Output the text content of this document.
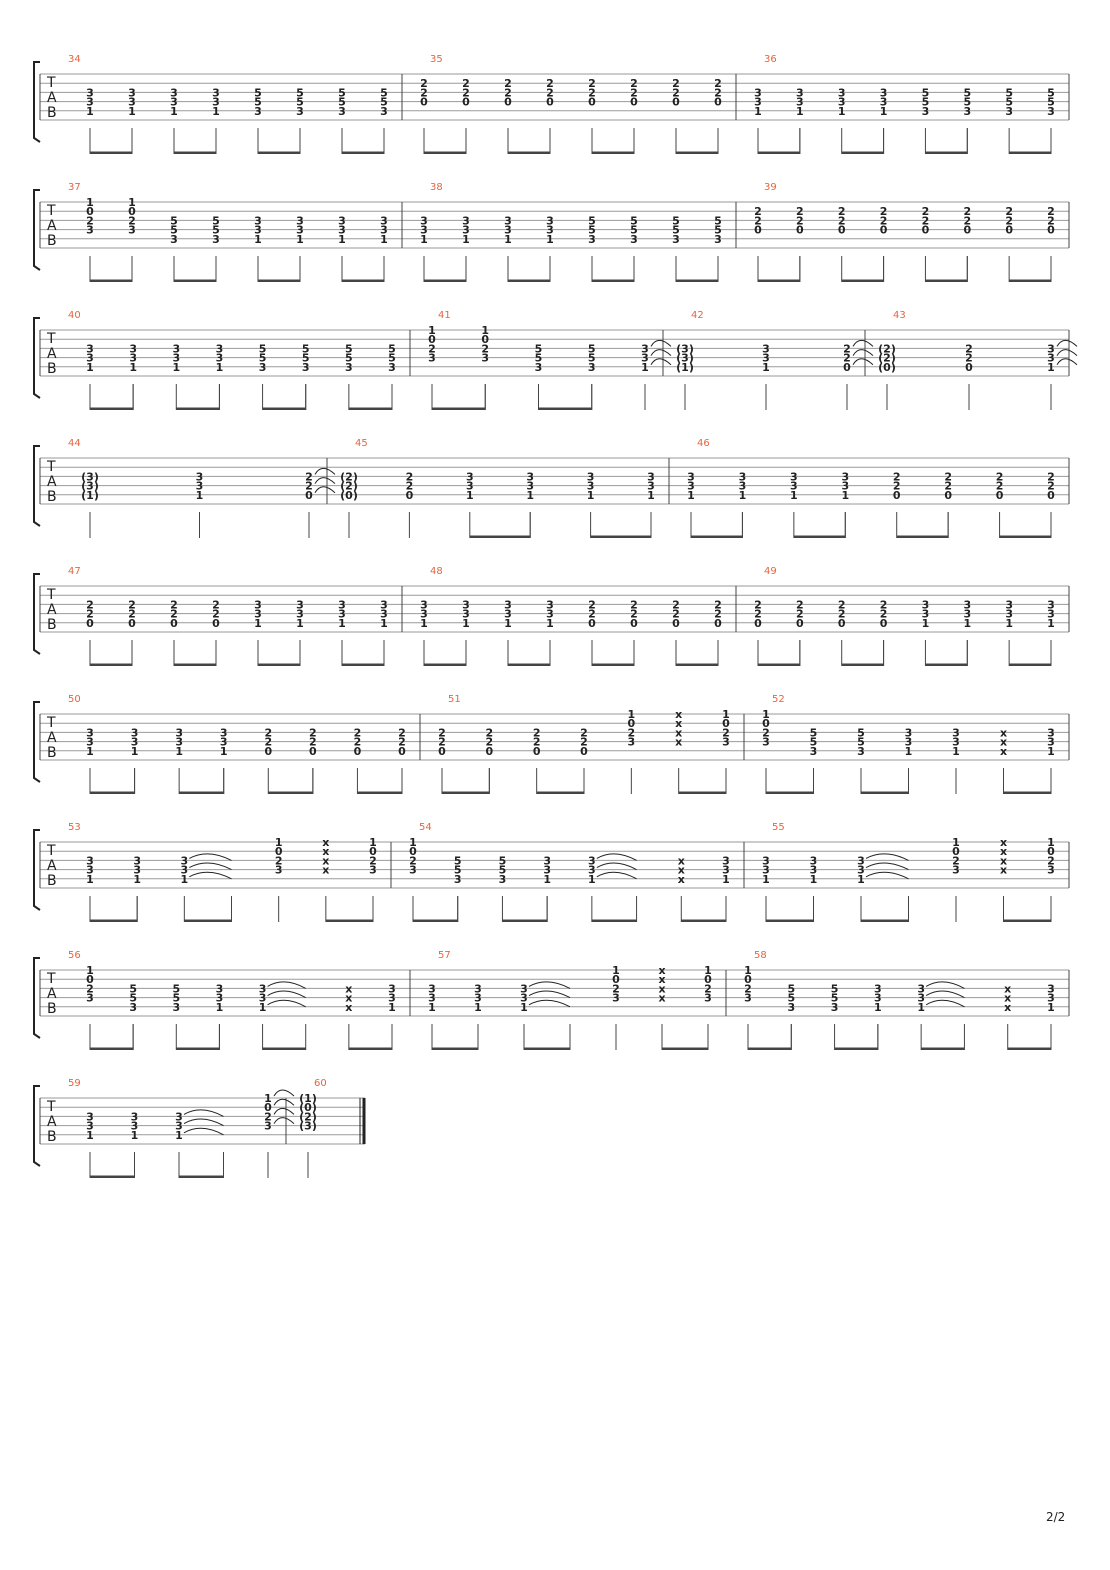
T
A
B
34
3
3
1
3
3
1
3
3
1
3
3
1
5
5
3
5
5
3
5
5
3
5
5
3
35
2
2
0
2
2
0
2
2
0
2
2
0
2
2
0
2
2
0
2
2
0
2
2
0
36
3
3
1
3
3
1
3
3
1
3
3
1
5
5
3
5
5
3
5
5
3
5
5
3
T
A
B
37
1
0
2
3
1
0
2
3
5
5
3
5
5
3
3
3
1
3
3
1
3
3
1
3
3
1
38
3
3
1
3
3
1
3
3
1
3
3
1
5
5
3
5
5
3
5
5
3
5
5
3
39
2
2
0
2
2
0
2
2
0
2
2
0
2
2
0
2
2
0
2
2
0
2
2
0
T
A
B
40
3
3
1
3
3
1
3
3
1
3
3
1
5
5
3
5
5
3
5
5
3
5
5
3
41
1
0
2
3
1
0
2
3
5
5
3
5
5
3
3
3
1
42
(3)
(3)
(1)
3
3
1
2
2
0
43
(2)
(2)
(0)
2
2
0
3
3
1
T
A
B
44
(3)
(3)
(1)
3
3
1
2
2
0
45
(2)
(2)
(0)
2
2
0
3
3
1
3
3
1
3
3
1
3
3
1
46
3
3
1
3
3
1
3
3
1
3
3
1
2
2
0
2
2
0
2
2
0
2
2
0
T
A
B
47
2
2
0
2
2
0
2
2
0
2
2
0
3
3
1
3
3
1
3
3
1
3
3
1
48
3
3
1
3
3
1
3
3
1
3
3
1
2
2
0
2
2
0
2
2
0
2
2
0
49
2
2
0
2
2
0
2
2
0
2
2
0
3
3
1
3
3
1
3
3
1
3
3
1
T
A
B
50
3
3
1
3
3
1
3
3
1
3
3
1
2
2
0
2
2
0
2
2
0
2
2
0
51
2
2
0
2
2
0
2
2
0
2
2
0
1
0
2
3
x
x
x
x
1
0
2
3
52
1
0
2
3
5
5
3
5
5
3
3
3
1
3
3
1
x
x
x
3
3
1
T
A
B
53
3
3
1
3
3
1
3
3
1
1
0
2
3
x
x
x
x
1
0
2
3
54
1
0
2
3
5
5
3
5
5
3
3
3
1
3
3
1
x
x
x
3
3
1
55
3
3
1
3
3
1
3
3
1
1
0
2
3
x
x
x
x
1
0
2
3
T
A
B
56
1
0
2
3
5
5
3
5
5
3
3
3
1
3
3
1
x
x
x
3
3
1
57
3
3
1
3
3
1
3
3
1
1
0
2
3
x
x
x
x
1
0
2
3
58
1
0
2
3
5
5
3
5
5
3
3
3
1
3
3
1
x
x
x
3
3
1
T
A
B
59
3
3
1
3
3
1
3
3
1
1
0
2
3
60
(1)
(0)
(2)
(3)
2/2
